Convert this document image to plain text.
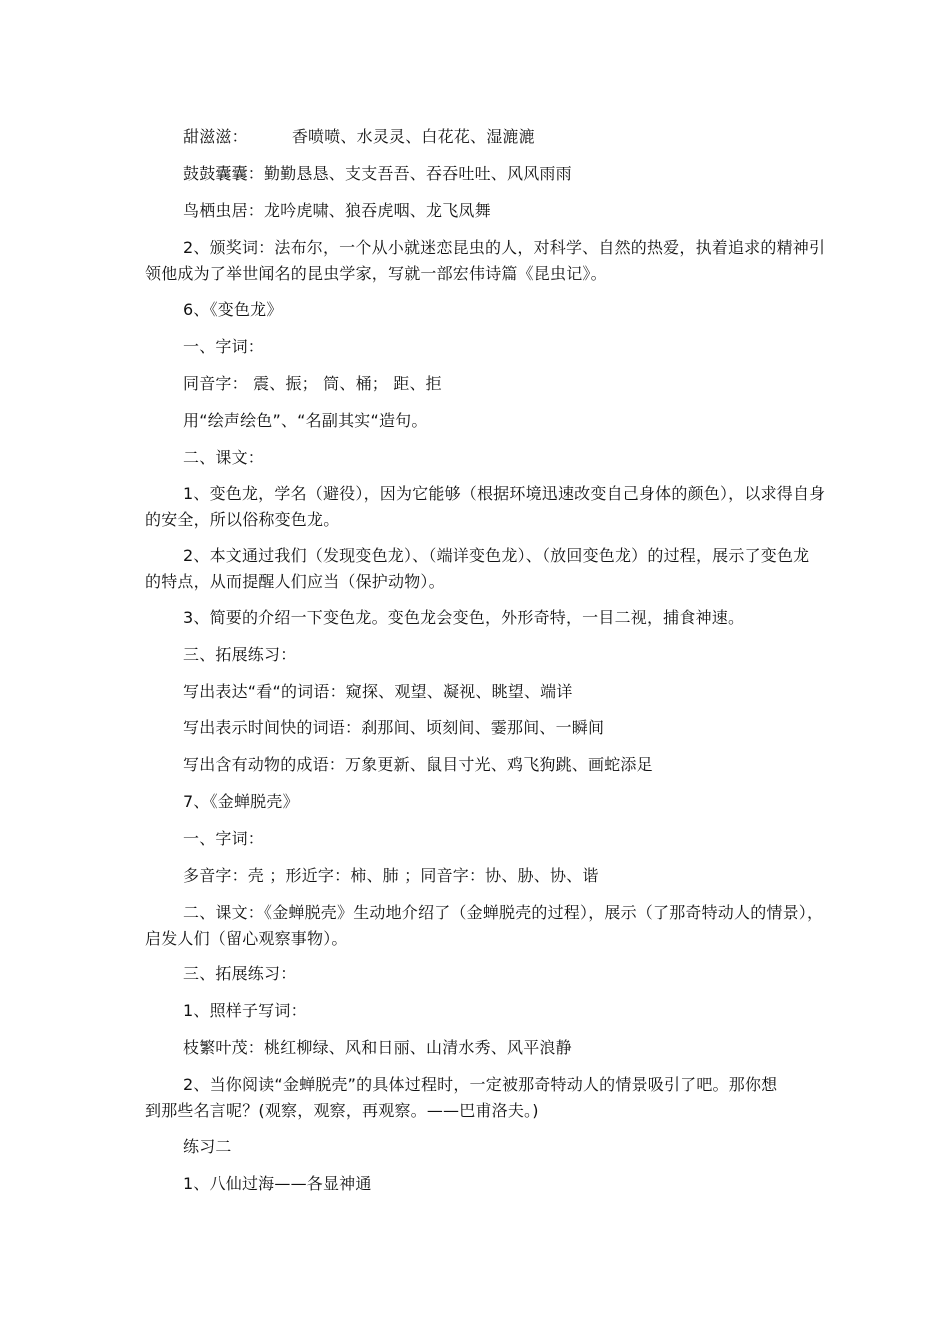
甜滋滋：	香喷喷、水灵灵、白花花、湿漉漉
鼓鼓囊囊：勤勤恳恳、支支吾吾、吞吞吐吐、风风雨雨
鸟栖虫居：龙吟虎啸、狼吞虎咽、龙飞凤舞
2、颁奖词：法布尔，一个从小就迷恋昆虫的人，对科学、自然的热爱，执着追求的精神引
领他成为了举世闻名的昆虫学家，写就一部宏伟诗篇《昆虫记》。
6、《变色龙》
一、字词：
同音字： 震、振； 筒、桶； 距、拒
用“绘声绘色”、“名副其实“造句。
二、课文：
1、变色龙，学名（避役），因为它能够（根据环境迅速改变自己身体的颜色），以求得自身
的安全，所以俗称变色龙。
2、本文通过我们（发现变色龙）、（端详变色龙）、（放回变色龙）的过程，展示了变色龙
的特点，从而提醒人们应当（保护动物）。
3、简要的介绍一下变色龙。变色龙会变色，外形奇特，一目二视，捕食神速。
三、拓展练习：
写出表达“看“的词语：窥探、观望、凝视、眺望、端详
写出表示时间快的词语：刹那间、顷刻间、霎那间、一瞬间
写出含有动物的成语：万象更新、鼠目寸光、鸡飞狗跳、画蛇添足
7、《金蝉脱壳》
一、字词：
多音字：壳 ；形近字：柿、肺 ；同音字：协、胁、协、谐
二、课文：《金蝉脱壳》生动地介绍了（金蝉脱壳的过程），展示（了那奇特动人的情景），
启发人们（留心观察事物）。
三、拓展练习：
1、照样子写词：
枝繁叶茂：桃红柳绿、风和日丽、山清水秀、风平浪静
2、当你阅读“金蝉脱壳”的具体过程时，一定被那奇特动人的情景吸引了吧。那你想
到那些名言呢？(观察，观察，再观察。——巴甫洛夫。)
练习二
1、八仙过海——各显神通
